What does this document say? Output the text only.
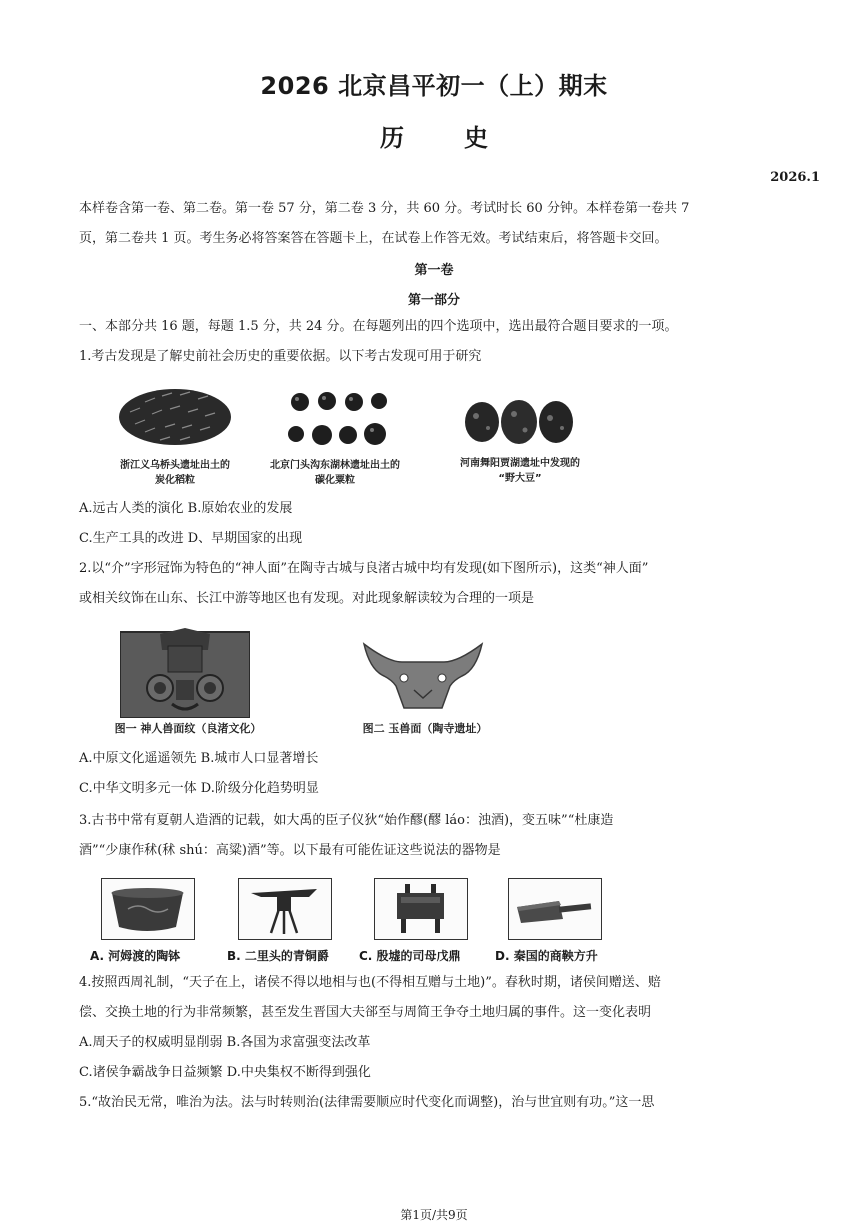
2026 北京昌平初一（上）期末
历史
2026.1
本样卷含第一卷、第二卷。第一卷 57 分，第二卷 3 分，共 60 分。考试时长 60 分钟。本样卷第一卷共 7
页，第二卷共 1 页。考生务必将答案答在答题卡上，在试卷上作答无效。考试结束后，将答题卡交回。
第一卷
第一部分
一、本部分共 16 题，每题 1.5 分，共 24 分。在每题列出的四个选项中，选出最符合题目要求的一项。
1.考古发现是了解史前社会历史的重要依据。以下考古发现可用于研究
浙江义乌桥头遗址出土的
炭化稻粒
北京门头沟东湖林遗址出土的
碳化粟粒
河南舞阳贾湖遗址中发现的
“野大豆”
A.远古人类的演化 B.原始农业的发展
C.生产工具的改进 D、早期国家的出现
2.以“介”字形冠饰为特色的“神人面”在陶寺古城与良渚古城中均有发现(如下图所示)，这类“神人面”
或相关纹饰在山东、长江中游等地区也有发现。对此现象解读较为合理的一项是
图一 神人兽面纹（良渚文化）	图二 玉兽面（陶寺遗址）
A.中原文化遥遥领先 B.城市人口显著增长
C.中华文明多元一体 D.阶级分化趋势明显
3.古书中常有夏朝人造酒的记载，如大禹的臣子仪狄“始作醪(醪 láo：浊酒)，变五味”“杜康造
酒”“少康作秫(秫 shú：高粱)酒”等。以下最有可能佐证这些说法的器物是
A. 河姆渡的陶钵	B. 二里头的青铜爵	C. 殷墟的司母戊鼎	D. 秦国的商鞅方升
4.按照西周礼制，“天子在上，诸侯不得以地相与也(不得相互赠与土地)”。春秋时期，诸侯间赠送、赔
偿、交换土地的行为非常频繁，甚至发生晋国大夫郤至与周简王争夺土地归属的事件。这一变化表明
A.周天子的权威明显削弱 B.各国为求富强变法改革
C.诸侯争霸战争日益频繁 D.中央集权不断得到强化
5.“故治民无常，唯治为法。法与时转则治(法律需要顺应时代变化而调整)，治与世宜则有功。”这一思
第1页/共9页
